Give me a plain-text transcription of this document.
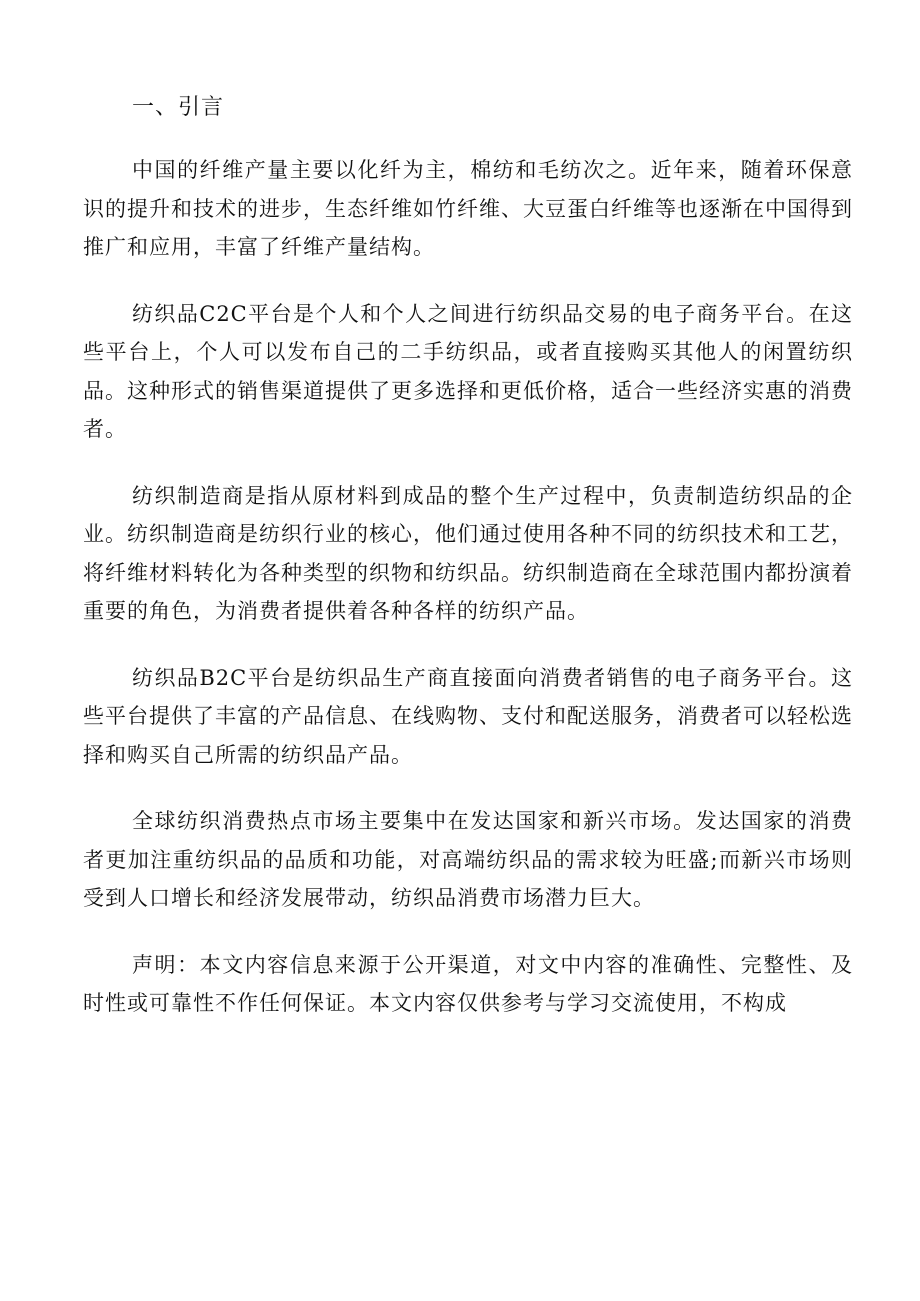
一、引言

中国的纤维产量主要以化纤为主，棉纺和毛纺次之。近年来，随着环保意识的提升和技术的进步，生态纤维如竹纤维、大豆蛋白纤维等也逐渐在中国得到推广和应用，丰富了纤维产量结构。

纺织品C2C平台是个人和个人之间进行纺织品交易的电子商务平台。在这些平台上，个人可以发布自己的二手纺织品，或者直接购买其他人的闲置纺织品。这种形式的销售渠道提供了更多选择和更低价格，适合一些经济实惠的消费者。

纺织制造商是指从原材料到成品的整个生产过程中，负责制造纺织品的企业。纺织制造商是纺织行业的核心，他们通过使用各种不同的纺织技术和工艺，将纤维材料转化为各种类型的织物和纺织品。纺织制造商在全球范围内都扮演着重要的角色，为消费者提供着各种各样的纺织产品。

纺织品B2C平台是纺织品生产商直接面向消费者销售的电子商务平台。这些平台提供了丰富的产品信息、在线购物、支付和配送服务，消费者可以轻松选择和购买自己所需的纺织品产品。

全球纺织消费热点市场主要集中在发达国家和新兴市场。发达国家的消费者更加注重纺织品的品质和功能，对高端纺织品的需求较为旺盛;而新兴市场则受到人口增长和经济发展带动，纺织品消费市场潜力巨大。

声明：本文内容信息来源于公开渠道，对文中内容的准确性、完整性、及时性或可靠性不作任何保证。本文内容仅供参考与学习交流使用，不构成
